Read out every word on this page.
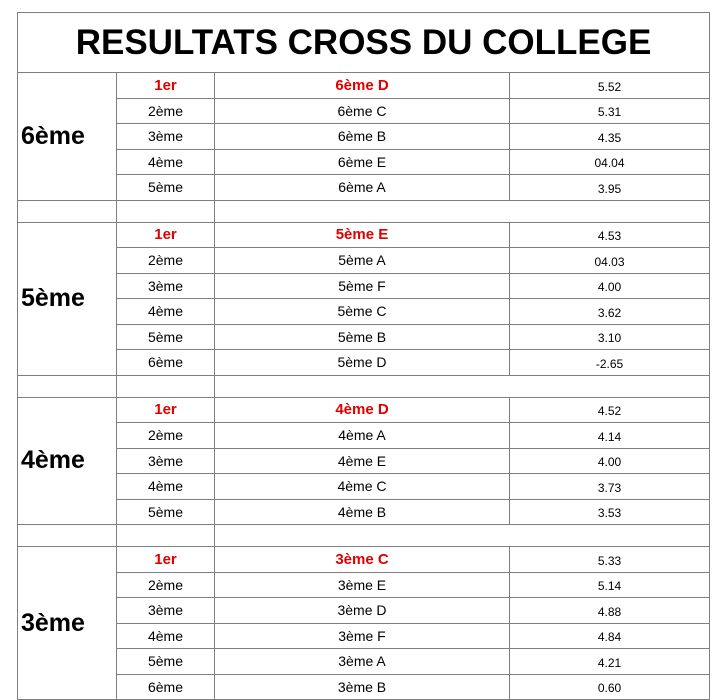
RESULTATS CROSS DU COLLEGE			
6ème	1er	6ème D	5.52
	2ème	6ème C	5.31
	3ème	6ème B	4.35
	4ème	6ème E	04.04
	5ème	6ème A	3.95

5ème	1er	5ème E	4.53
	2ème	5ème A	04.03
	3ème	5ème F	4.00
	4ème	5ème C	3.62
	5ème	5ème B	3.10
	6ème	5ème D	-2.65

4ème	1er	4ème D	4.52
	2ème	4ème A	4.14
	3ème	4ème E	4.00
	4ème	4ème C	3.73
	5ème	4ème B	3.53

3ème	1er	3ème C	5.33
	2ème	3ème E	5.14
	3ème	3ème D	4.88
	4ème	3ème F	4.84
	5ème	3ème A	4.21
	6ème	3ème B	0.60
